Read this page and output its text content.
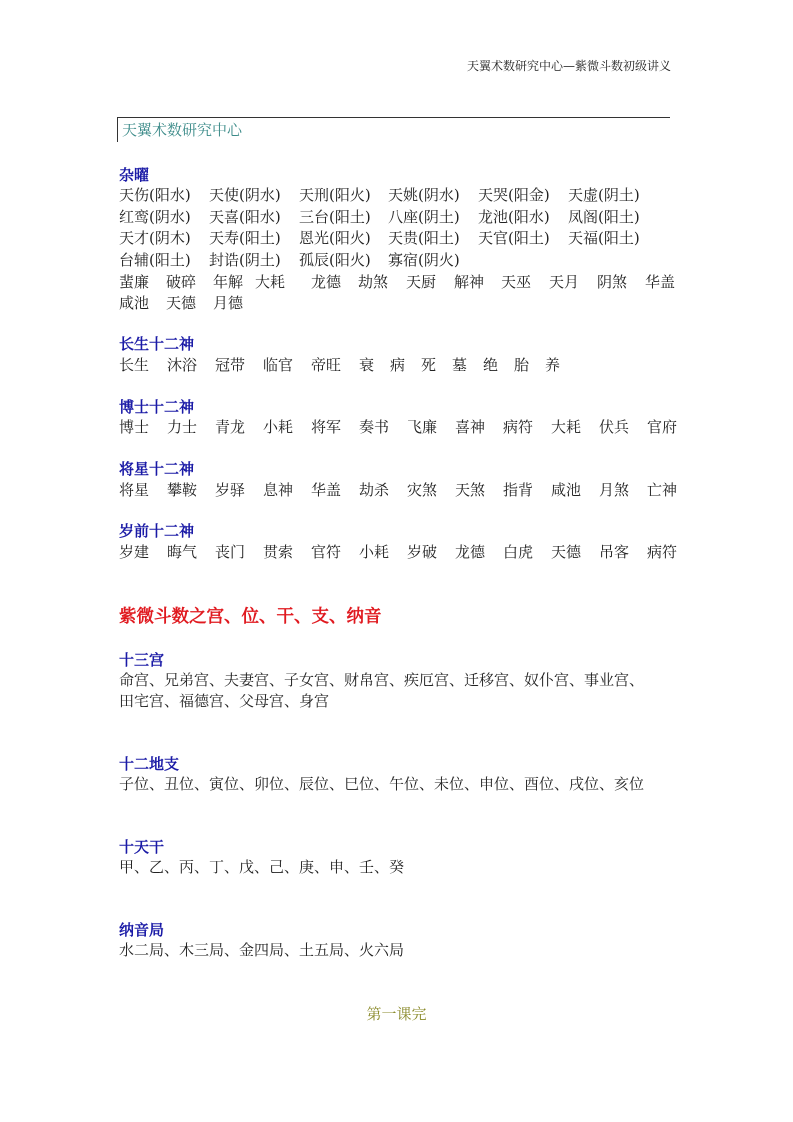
天翼术数研究中心—紫微斗数初级讲义
天翼术数研究中心
杂曜
天伤(阳水)	天使(阴水)	天刑(阳火)	天姚(阴水)	天哭(阳金)	天虚(阴土)
红鸾(阴水)	天喜(阳水)	三台(阳土)	八座(阴土)	龙池(阳水)	凤阁(阳土)
天才(阴木)	天寿(阳土)	恩光(阳火)	天贵(阳土)	天官(阳土)	天福(阳土)
台辅(阳土)	封诰(阴土)	孤辰(阳火)	寡宿(阴火)
蜚廉	破碎	年解 大耗	龙德	劫煞	天厨	解神	天巫	天月	阴煞	华盖
咸池	天德	月德
长生十二神
长生	沐浴	冠带	临官	帝旺	衰	病	死	墓	绝	胎	养
博士十二神
博士	力士	青龙	小耗	将军	奏书	飞廉	喜神	病符	大耗	伏兵	官府
将星十二神
将星	攀鞍	岁驿	息神	华盖	劫杀	灾煞	天煞	指背	咸池	月煞	亡神
岁前十二神
岁建	晦气	丧门	贯索	官符	小耗	岁破	龙德	白虎	天德	吊客	病符
紫微斗数之宫、位、干、支、纳音
十三宫
命宫、兄弟宫、夫妻宫、子女宫、财帛宫、疾厄宫、迁移宫、奴仆宫、事业宫、
田宅宫、福德宫、父母宫、身宫
十二地支
子位、丑位、寅位、卯位、辰位、巳位、午位、未位、申位、酉位、戌位、亥位
十天干
甲、乙、丙、丁、戊、己、庚、申、壬、癸
纳音局
水二局、木三局、金四局、土五局、火六局
第一课完
